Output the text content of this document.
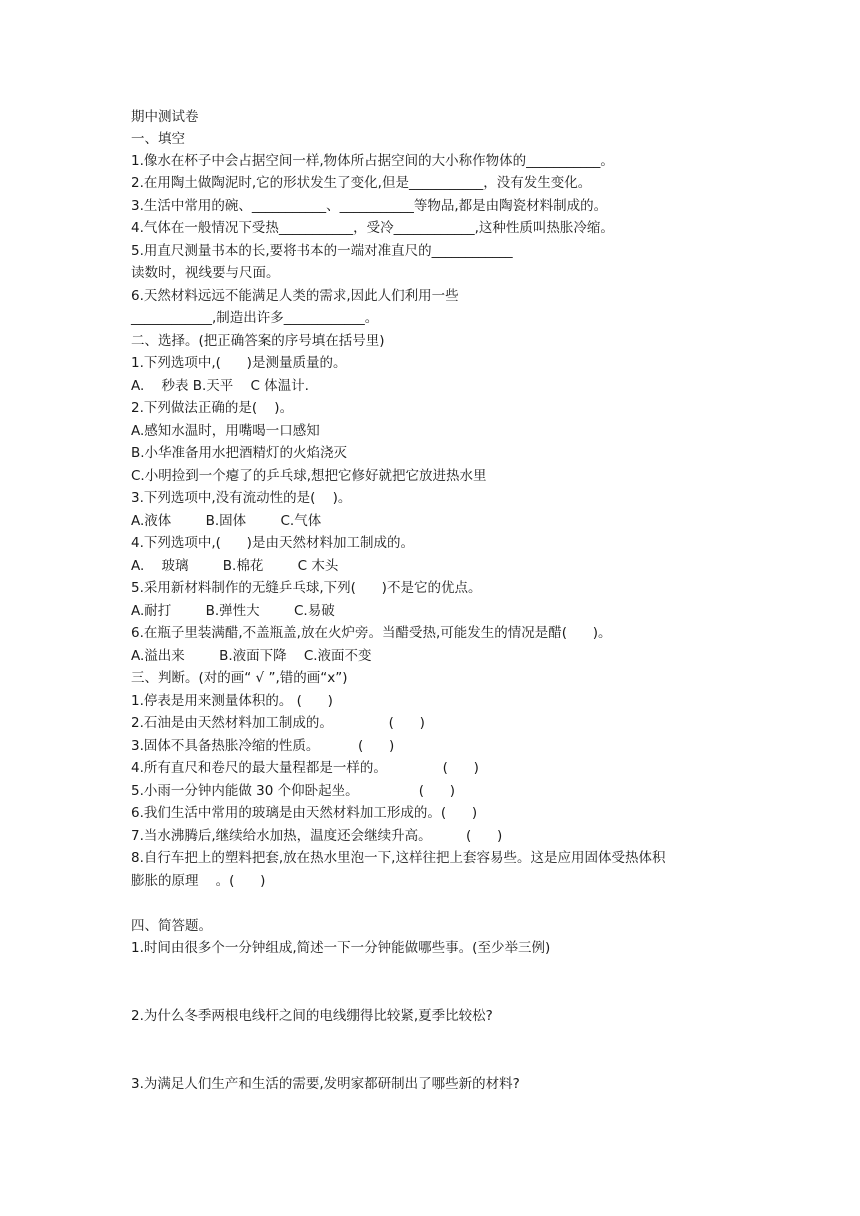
期中测试卷
一、填空
1.像水在杯子中会占据空间一样,物体所占据空间的大小称作物体的___________。
2.在用陶土做陶泥时,它的形状发生了变化,但是___________，没有发生变化。
3.生活中常用的碗、___________、___________等物品,都是由陶瓷材料制成的。
4.气体在一般情况下受热___________，受冷____________,这种性质叫热胀冷缩。
5.用直尺测量书本的长,要将书本的一端对准直尺的____________
读数时，视线要与尺面。
6.天然材料远远不能满足人类的需求,因此人们利用一些
____________,制造出许多____________。
二、选择。(把正确答案的序号填在括号里)
1.下列选项中,(      )是测量质量的。
A.    秒表 B.天平    C 体温计.
2.下列做法正确的是(    )。
A.感知水温时，用嘴喝一口感知
B.小华准备用水把酒精灯的火焰浇灭
C.小明捡到一个瘪了的乒乓球,想把它修好就把它放进热水里
3.下列选项中,没有流动性的是(    )。
A.液体        B.固体        C.气体
4.下列选项中,(      )是由天然材料加工制成的。
A.    玻璃        B.棉花        C 木头
5.采用新材料制作的无缝乒乓球,下列(      )不是它的优点。
A.耐打        B.弹性大        C.易破
6.在瓶子里装满醋,不盖瓶盖,放在火炉旁。当醋受热,可能发生的情况是醋(      )。
A.溢出来        B.液面下降    C.液面不变
三、判断。(对的画“ √ ”,错的画“x”)
1.停表是用来测量体积的。 (      )
2.石油是由天然材料加工制成的。             (      )
3.固体不具备热胀冷缩的性质。         (      )
4.所有直尺和卷尺的最大量程都是一样的。             (      )
5.小雨一分钟内能做 30 个仰卧起坐。              (      )
6.我们生活中常用的玻璃是由天然材料加工形成的。(      )
7.当水沸腾后,继续给水加热，温度还会继续升高。        (      )
8.自行车把上的塑料把套,放在热水里泡一下,这样往把上套容易些。这是应用固体受热体积
膨胀的原理    。(      )
四、简答题。
1.时间由很多个一分钟组成,简述一下一分钟能做哪些事。(至少举三例)
2.为什么冬季两根电线杆之间的电线绷得比较紧,夏季比较松?
3.为满足人们生产和生活的需要,发明家都研制出了哪些新的材料?
